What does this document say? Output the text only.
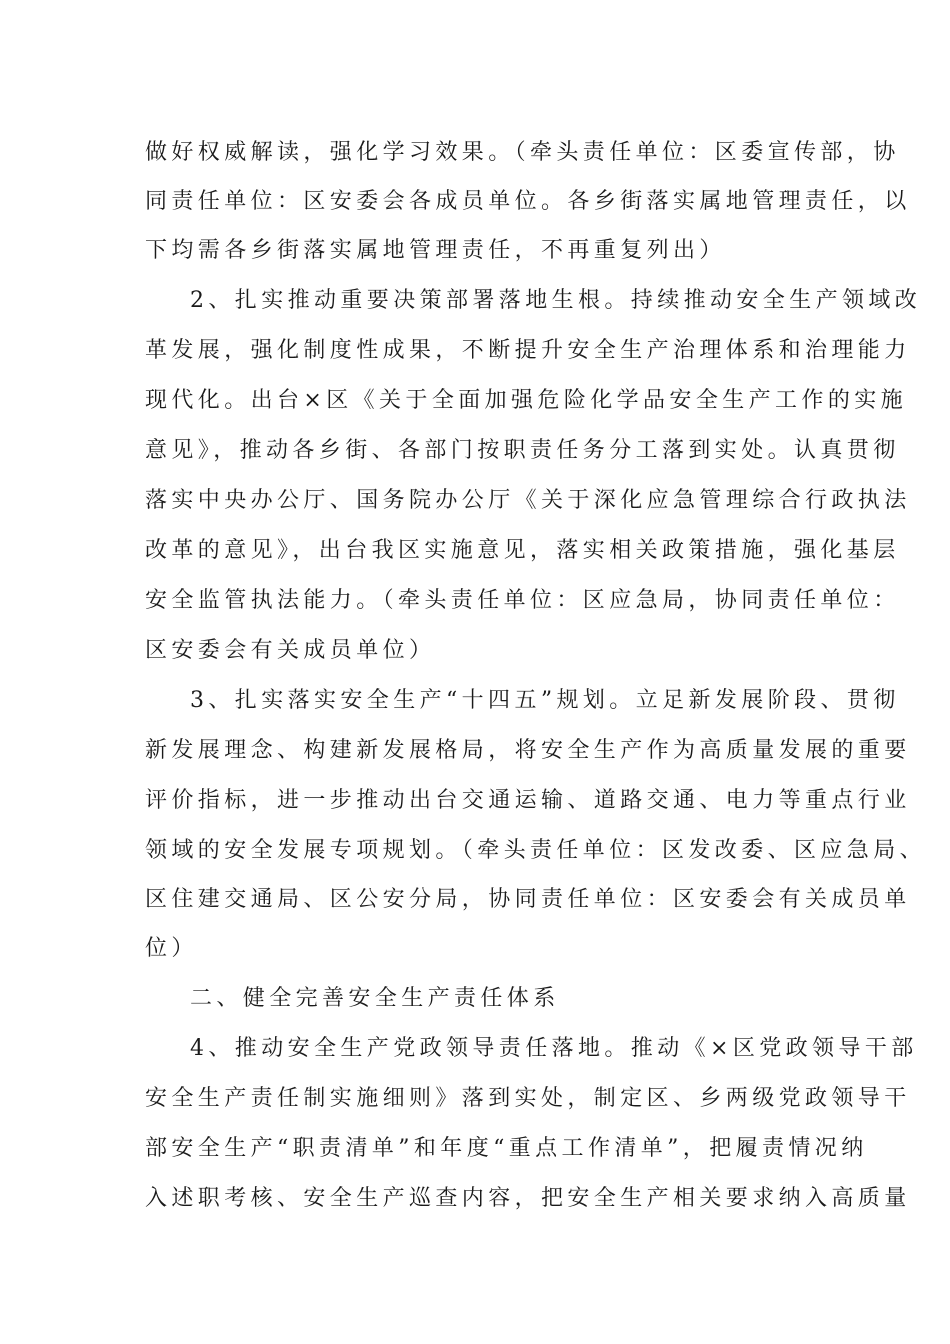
做好权威解读，强化学习效果。（牵头责任单位：区委宣传部，协
同责任单位：区安委会各成员单位。各乡街落实属地管理责任，以
下均需各乡街落实属地管理责任，不再重复列出）
2、扎实推动重要决策部署落地生根。持续推动安全生产领域改
革发展，强化制度性成果，不断提升安全生产治理体系和治理能力
现代化。出台×区《关于全面加强危险化学品安全生产工作的实施
意见》，推动各乡街、各部门按职责任务分工落到实处。认真贯彻
落实中央办公厅、国务院办公厅《关于深化应急管理综合行政执法
改革的意见》，出台我区实施意见，落实相关政策措施，强化基层
安全监管执法能力。（牵头责任单位：区应急局，协同责任单位：
区安委会有关成员单位）
3、扎实落实安全生产“十四五”规划。立足新发展阶段、贯彻
新发展理念、构建新发展格局，将安全生产作为高质量发展的重要
评价指标，进一步推动出台交通运输、道路交通、电力等重点行业
领域的安全发展专项规划。（牵头责任单位：区发改委、区应急局、
区住建交通局、区公安分局，协同责任单位：区安委会有关成员单
位）
二、健全完善安全生产责任体系
4、推动安全生产党政领导责任落地。推动《×区党政领导干部
安全生产责任制实施细则》落到实处，制定区、乡两级党政领导干
部安全生产“职责清单”和年度“重点工作清单”，把履责情况纳
入述职考核、安全生产巡查内容，把安全生产相关要求纳入高质量
